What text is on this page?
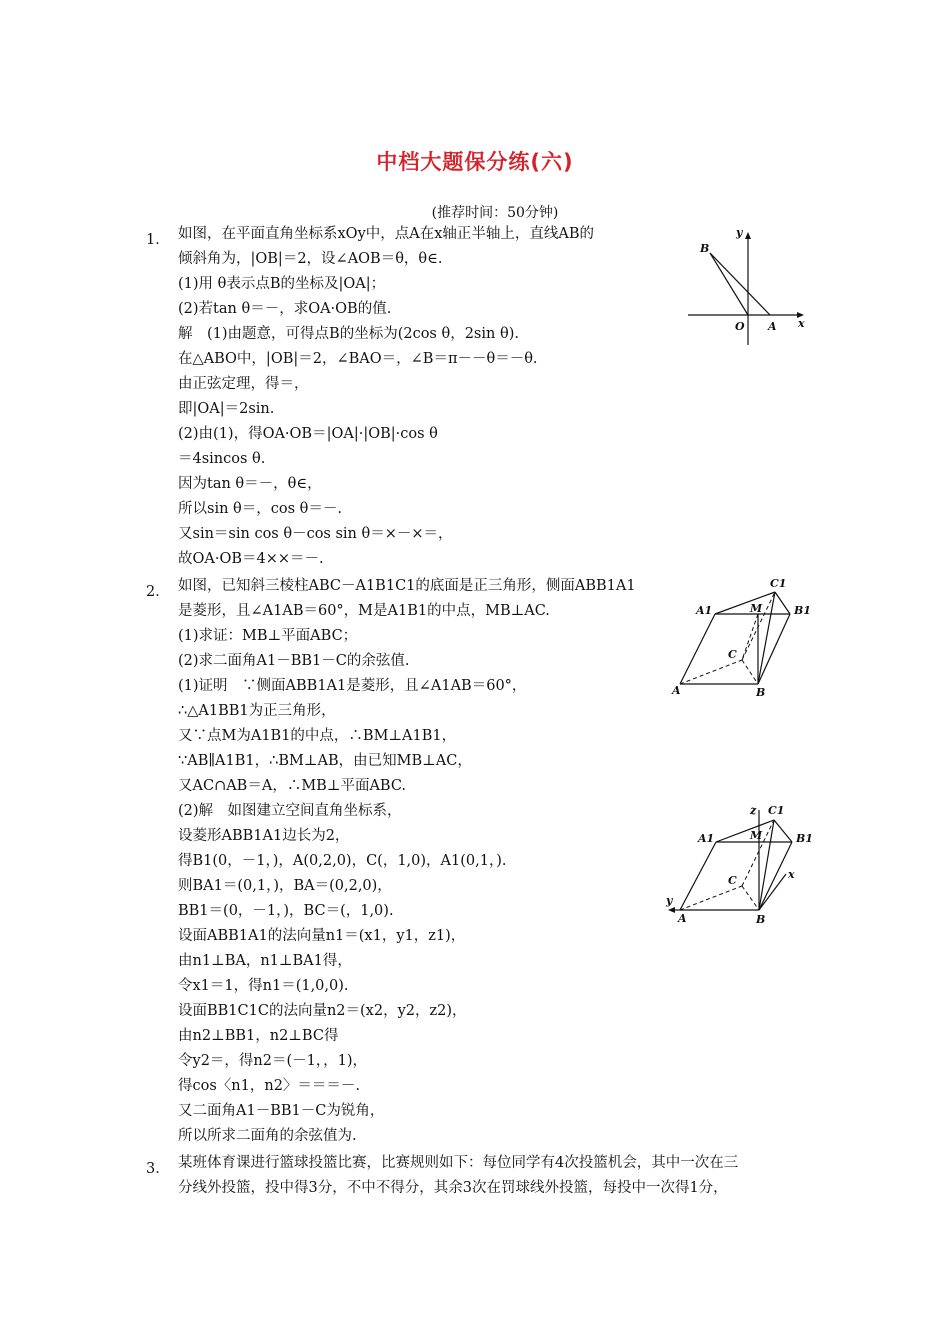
中档大题保分练(六)
(推荐时间：50分钟)
1． 如图，在平面直角坐标系xOy中，点A在x轴正半轴上，直线AB的
倾斜角为，|OB|＝2，设∠AOB＝θ，θ∈.
(1)用 θ表示点B的坐标及|OA|；
(2)若tan θ＝－，求OA·OB的值.
解　(1)由题意，可得点B的坐标为(2cos θ，2sin θ).
在△ABO中，|OB|＝2，∠BAO＝，∠B＝π－－θ＝－θ.
由正弦定理，得＝，
即|OA|＝2sin.
(2)由(1)，得OA·OB＝|OA|·|OB|·cos θ
＝4sincos θ.
因为tan θ＝－，θ∈，
所以sin θ＝，cos θ＝－.
又sin＝sin cos θ－cos sin θ＝×－×＝，
故OA·OB＝4××＝－.
2． 如图，已知斜三棱柱ABC－A1B1C1的底面是正三角形，侧面ABB1A1
是菱形，且∠A1AB＝60°，M是A1B1的中点，MB⊥AC.
(1)求证：MB⊥平面ABC；
(2)求二面角A1－BB1－C的余弦值.
(1)证明　∵侧面ABB1A1是菱形，且∠A1AB＝60°，
∴△A1BB1为正三角形，
又∵点M为A1B1的中点，∴BM⊥A1B1，
∵AB∥A1B1，∴BM⊥AB，由已知MB⊥AC，
又AC∩AB＝A，∴MB⊥平面ABC.
(2)解　如图建立空间直角坐标系，
设菱形ABB1A1边长为2，
得B1(0，－1，)，A(0,2,0)，C(，1,0)，A1(0,1，).
则BA1＝(0,1，)，BA＝(0,2,0)，
BB1＝(0，－1，)，BC＝(，1,0).
设面ABB1A1的法向量n1＝(x1，y1，z1)，
由n1⊥BA，n1⊥BA1得，
令x1＝1，得n1＝(1,0,0).
设面BB1C1C的法向量n2＝(x2，y2，z2)，
由n2⊥BB1，n2⊥BC得
令y2＝，得n2＝(－1，，1)，
得cos〈n1，n2〉＝＝＝－.
又二面角A1－BB1－C为锐角，
所以所求二面角的余弦值为.
3． 某班体育课进行篮球投篮比赛，比赛规则如下：每位同学有4次投篮机会，其中一次在三
分线外投篮，投中得3分，不中不得分，其余3次在罚球线外投篮，每投中一次得1分，
y
B
O A x
C1
A1	M	B1
C
A	B
z C1
A1	M	B1
C	x
y
A	B
